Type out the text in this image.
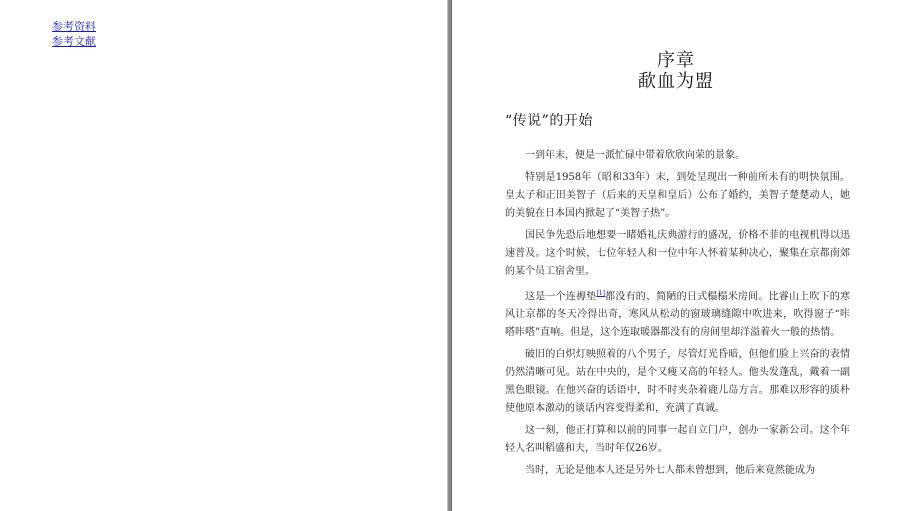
参考资料
参考文献
序章
歃血为盟
“传说”的开始

一到年末，便是一派忙碌中带着欣欣向荣的景象。

特别是1958年（昭和33年）末，到处呈现出一种前所未有的明快氛围。皇太子和正田美智子（后来的天皇和皇后）公布了婚约，美智子楚楚动人，她的美貌在日本国内掀起了“美智子热”。

国民争先恐后地想要一睹婚礼庆典游行的盛况，价格不菲的电视机得以迅速普及。这个时候，七位年轻人和一位中年人怀着某种决心，聚集在京都南郊的某个员工宿舍里。

这是一个连褥垫[1]都没有的、简陋的日式榻榻米房间。比睿山上吹下的寒风让京都的冬天冷得出奇，寒风从松动的窗玻璃缝隙中吹进来，吹得窗子“咔嗒咔嗒”直响。但是，这个连取暖器都没有的房间里却洋溢着火一般的热情。

破旧的白炽灯映照着的八个男子，尽管灯光昏暗，但他们脸上兴奋的表情仍然清晰可见。站在中央的，是个又瘦又高的年轻人。他头发蓬乱，戴着一副黑色眼镜。在他兴奋的话语中，时不时夹杂着鹿儿岛方言。那难以形容的质朴使他原本激动的谈话内容变得柔和，充满了真诚。

这一刻，他正打算和以前的同事一起自立门户，创办一家新公司。这个年轻人名叫稻盛和夫，当时年仅26岁。

当时，无论是他本人还是另外七人都未曾想到，他后来竟然能成为
